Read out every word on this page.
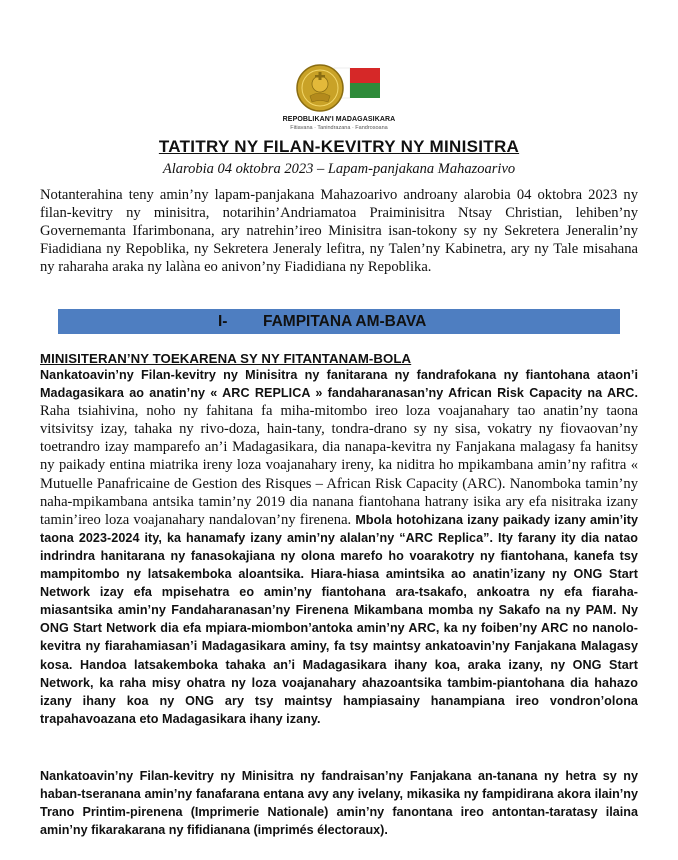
REPOBLIKAN'I MADAGASIKARA
Fitiavana · Tanindrazana · Fandrosoana
TATITRY NY FILAN-KEVITRY NY MINISITRA
Alarobia 04 oktobra 2023 – Lapam-panjakana Mahazoarivo

Notanterahina teny amin’ny lapam-panjakana Mahazoarivo androany alarobia 04 oktobra 2023 ny filan-kevitry ny minisitra, notarihin’Andriamatoa Praiminisitra Ntsay Christian, lehiben’ny Governemanta Ifarimbonana, ary natrehin’ireo Minisitra isan-tokony sy ny Sekretera Jeneralin’ny Fiadidiana ny Repoblika, ny Sekretera Jeneraly lefitra, ny Talen’ny Kabinetra, ary ny Tale misahana ny raharaha araka ny lalàna eo anivon’ny Fiadidiana ny Repoblika.

I- FAMPITANA AM-BAVA
MINISITERAN’NY TOEKARENA SY NY FITANTANAM-BOLA

Nankatoavin’ny Filan-kevitry ny Minisitra ny fanitarana ny fandrafokana ny fiantohana ataon’i Madagasikara ao anatin’ny « ARC REPLICA » fandaharanasan’ny African Risk Capacity na ARC. Raha tsiahivina, noho ny fahitana fa miha-mitombo ireo loza voajanahary tao anatin’ny taona vitsivitsy izay, tahaka ny rivo-doza, hain-tany, tondra-drano sy ny sisa, vokatry ny fiovaovan’ny toetrandro izay mamparefo an’i Madagasikara, dia nanapa-kevitra ny Fanjakana malagasy fa hanitsy ny paikady entina miatrika ireny loza voajanahary ireny, ka niditra ho mpikambana amin’ny rafitra « Mutuelle Panafricaine de Gestion des Risques – African Risk Capacity (ARC). Nanomboka tamin’ny naha-mpikambana antsika tamin’ny 2019 dia nanana fiantohana hatrany isika ary efa nisitraka izany tamin’ireo loza voajanahary nandalovan’ny firenena. Mbola hotohizana izany paikady izany amin’ity taona 2023-2024 ity, ka hanamafy izany amin’ny alalan’ny “ARC Replica”. Ity farany ity dia natao indrindra hanitarana ny fanasokajiana ny olona marefo ho voarakotry ny fiantohana, kanefa tsy mampitombo ny latsakemboka aloantsika. Hiara-hiasa amintsika ao anatin’izany ny ONG Start Network izay efa mpisehatra eo amin’ny fiantohana ara-tsakafo, ankoatra ny efa fiaraha-miasantsika amin’ny Fandaharanasan’ny Firenena Mikambana momba ny Sakafo na ny PAM. Ny ONG Start Network dia efa mpiara-miombon’antoka amin’ny ARC, ka ny foiben’ny ARC no nanolo-kevitra ny fiarahamiasan’i Madagasikara aminy, fa tsy maintsy ankatoavin’ny Fanjakana Malagasy kosa. Handoa latsakemboka tahaka an’i Madagasikara ihany koa, araka izany, ny ONG Start Network, ka raha misy ohatra ny loza voajanahary ahazoantsika tambim-piantohana dia hahazo izany ihany koa ny ONG ary tsy maintsy hampiasainy hanampiana ireo vondron’olona trapahavoazana eto Madagasikara ihany izany.

Nankatoavin’ny Filan-kevitry ny Minisitra ny fandraisan’ny Fanjakana an-tanana ny hetra sy ny haban-tseranana amin’ny fanafarana entana avy any ivelany, mikasika ny fampidirana akora ilain’ny Trano Printim-pirenena (Imprimerie Nationale) amin’ny fanontana ireo antontan-taratasy ilaina amin’ny fikarakarana ny fifidianana (imprimés électoraux).
